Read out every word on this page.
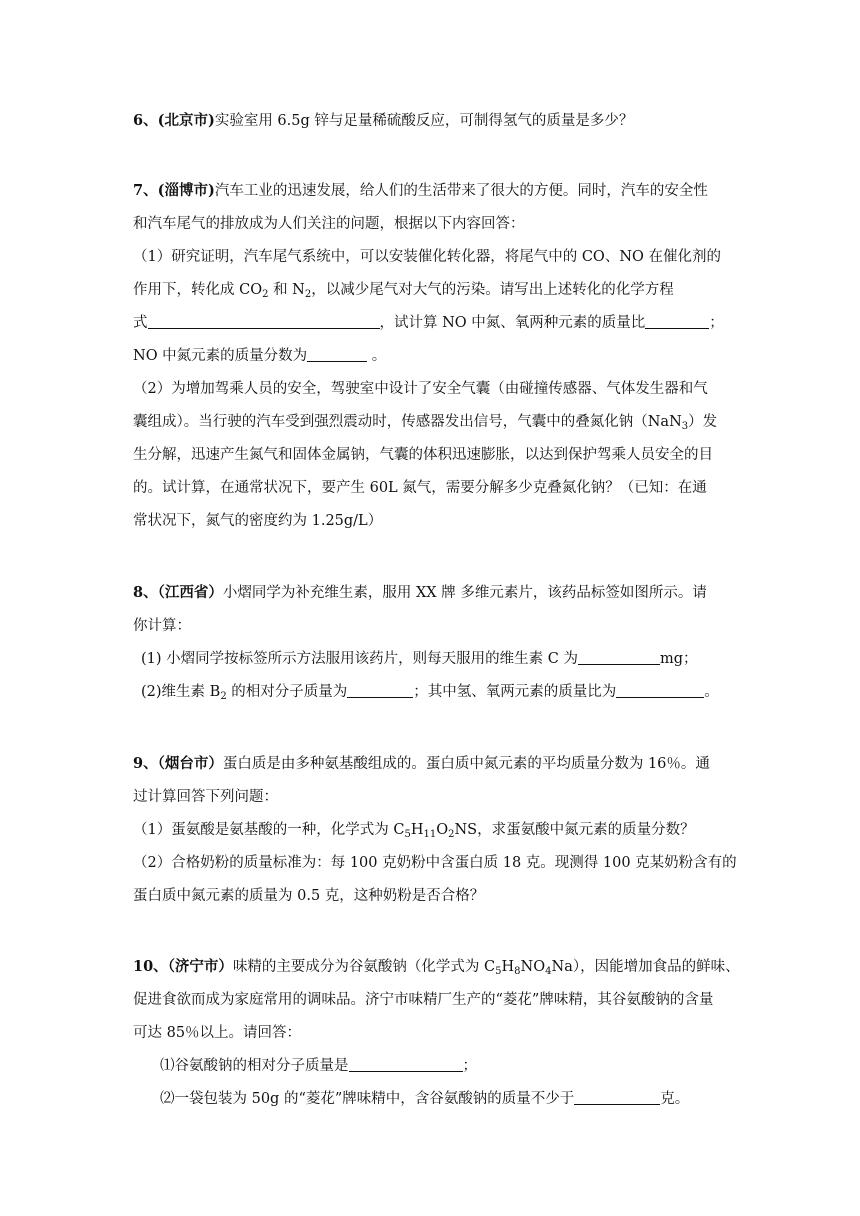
6、(北京市)实验室用 6.5g 锌与足量稀硫酸反应，可制得氢气的质量是多少？
7、(淄博市)汽车工业的迅速发展，给人们的生活带来了很大的方便。同时，汽车的安全性
和汽车尾气的排放成为人们关注的问题，根据以下内容回答：
（1）研究证明，汽车尾气系统中，可以安装催化转化器，将尾气中的 CO、NO 在催化剂的
作用下，转化成 $CO_2$ 和 $N_2$，以减少尾气对大气的污染。请写出上述转化的化学方程
式	，试计算 NO 中氮、氧两种元素的质量比	；
NO 中氮元素的质量分数为	。
（2）为增加驾乘人员的安全，驾驶室中设计了安全气囊（由碰撞传感器、气体发生器和气
囊组成）。当行驶的汽车受到强烈震动时，传感器发出信号，气囊中的叠氮化钠（NaN$_3$）发
生分解，迅速产生氮气和固体金属钠，气囊的体积迅速膨胀，以达到保护驾乘人员安全的目
的。试计算，在通常状况下，要产生 60L 氮气，需要分解多少克叠氮化钠？（已知：在通
常状况下，氮气的密度约为 1.25g/L）
8、（江西省）小熠同学为补充维生素，服用 XX 牌 多维元素片，该药品标签如图所示。请
你计算：
(1) 小熠同学按标签所示方法服用该药片，则每天服用的维生素 C 为	mg；
(2)维生素 $B_2$ 的相对分子质量为	；其中氢、氧两元素的质量比为	。
9、（烟台市）蛋白质是由多种氨基酸组成的。蛋白质中氮元素的平均质量分数为 16％。通
过计算回答下列问题：
（1）蛋氨酸是氨基酸的一种，化学式为 $C_5H_{11}O_2NS$，求蛋氨酸中氮元素的质量分数？
（2）合格奶粉的质量标准为：每 100 克奶粉中含蛋白质 18 克。现测得 100 克某奶粉含有的
蛋白质中氮元素的质量为 0.5 克，这种奶粉是否合格？
10、（济宁市）味精的主要成分为谷氨酸钠（化学式为 $C_5H_8NO_4Na$），因能增加食品的鲜味、
促进食欲而成为家庭常用的调味品。济宁市味精厂生产的“菱花”牌味精，其谷氨酸钠的含量
可达 85％以上。请回答：
⑴谷氨酸钠的相对分子质量是	；
⑵一袋包装为 50g 的“菱花”牌味精中，含谷氨酸钠的质量不少于	克。
